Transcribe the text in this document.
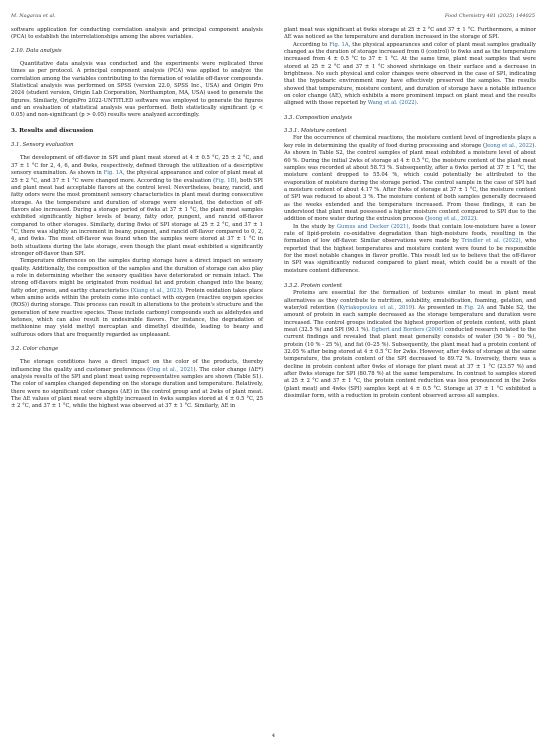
M. Nagarau et al.	Food Chemistry 481 (2025) 144025

software application for conducting correlation analysis and principal component analysis (PCA) to establish the interrelationships among the above variables.

2.10. Data analysis

Quantitative data analysis was conducted and the experiments were replicated three times as per protocol. A principal component analysis (PCA) was applied to analyze the correlation among the variables contributing to the formation of volatile off-flavor compounds. Statistical analysis was performed on SPSS (version 22.0, SPSS Inc., USA) and Origin Pro 2024 (student version, Origin Lab Corporation, Northampton, MA, USA) used to generate the figures. Similarly, OriginPro 2022-UNTITLED software was employed to generate the figures and an evaluation of statistical analysis was performed. Both statistically significant (p < 0.05) and non-significant (p > 0.05) results were analyzed accordingly.

3. Results and discussion
3.1. Sensory evaluation

The development of off-flavor in SPI and plant meat stored at 4 ± 0.5 °C, 25 ± 2 °C, and 37 ± 1 °C for 2, 4, 6, and 8wks, respectively, defined through the utilization of a descriptive sensory examination. As shown in Fig. 1A, the physical appearance and color of plant meat at 25 ± 2 °C, and 37 ± 1 °C were changed more. According to the evaluation (Fig. 1B), both SPI and plant meat had acceptable flavors at the control level. Nevertheless, beany, rancid, and fatty odors were the most prominent sensory characteristics in plant meat during consecutive storage. As the temperature and duration of storage were elevated, the detection of off-flavors also increased. During a storage period of 6wks at 37 ± 1 °C, the plant meat samples exhibited significantly higher levels of beany, fatty odor, pungent, and rancid off-flavor compared to other storages. Similarly, during 8wks of SPI storage at 25 ± 2 °C, and 37 ± 1 °C, there was slightly an increment in beany, pungent, and rancid off-flavor compared to 0, 2, 4, and 6wks. The most off-flavor was found when the samples were stored at 37 ± 1 °C in both situations during the late storage, even though the plant meat exhibited a significantly stronger off-flavor than SPI.

Temperature differences on the samples during storage have a direct impact on sensory quality. Additionally, the composition of the samples and the duration of storage can also play a role in determining whether the sensory qualities have deteriorated or remain intact. The strong off-flavors might be originated from residual fat and protein changed into the beany, fatty odor, green, and earthy characteristics (Xiang et al., 2023). Protein oxidation takes place when amino acids within the protein come into contact with oxygen (reactive oxygen species (ROS)) during storage. This process can result in alterations to the protein's structure and the generation of new reactive species. These include carbonyl compounds such as aldehydes and ketones, which can also result in undesirable flavors. For instance, the degradation of methionine may yield methyl mercaptan and dimethyl disulfide, leading to beany and sulfurous odors that are frequently regarded as unpleasant.

3.2. Color change

The storage conditions have a direct impact on the color of the products, thereby influencing the quality and customer preferences (Ong et al., 2021). The color change (ΔE*) analysis results of the SPI and plant meat using representative samples are shown (Table S1). The color of samples changed depending on the storage duration and temperature. Relatively, there were no significant color changes (ΔE) in the control group and at 2wks of plant meat. The ΔE values of plant meat were slightly increased in 4wks samples stored at 4 ± 0.5 °C, 25 ± 2 °C, and 37 ± 1 °C, while the highest was observed at 37 ± 1 °C. Similarly, ΔE in

plant meat was significant at 6wks storage at 25 ± 2 °C and 37 ± 1 °C. Furthermore, a minor ΔE was noticed as the temperature and duration increased in the storage of SPI.

According to Fig. 1A, the physical appearances and color of plant meat samples gradually changed as the duration of storage increased from 0 (control) to 6wks and as the temperature increased from 4 ± 0.5 °C to 37 ± 1 °C. At the same time, plant meat samples that were stored at 25 ± 2 °C and 37 ± 1 °C showed shrinkage on their surface and a decrease in brightness. No such physical and color changes were observed in the case of SPI, indicating that the hypobaric environment may have effectively preserved the samples. The results showed that temperature, moisture content, and duration of storage have a notable influence on color change (ΔE), which exhibits a more prominent impact on plant meat and the results aligned with those reported by Wang et al. (2022).

3.3. Composition analysis
3.3.1. Moisture content

For the occurrence of chemical reactions, the moisture content level of ingredients plays a key role in determining the quality of food during processing and storage (Jeong et al., 2022). As shown in Table S2, the control samples of plant meat exhibited a moisture level of about 60 %. During the initial 2wks of storage at 4 ± 0.5 °C, the moisture content of the plant meat samples was recorded at about 58.73 %. Subsequently, after a 6wks period at 37 ± 1 °C, the moisture content dropped to 55.04 %, which could potentially be attributed to the evaporation of moisture during the storage period. The control sample in the case of SPI had a moisture content of about 4.17 %. After 8wks of storage at 37 ± 1 °C, the moisture content of SPI was reduced to about 3 %. The moisture content of both samples generally decreased as the weeks extended and the temperature increased. From these findings, it can be understood that plant meat possessed a higher moisture content compared to SPI due to the addition of more water during the extrusion process (Jeong et al., 2022).

In the study by Gumus and Decker (2021), foods that contain low-moisture have a lower rate of lipid-protein co-oxidative degradation than high-moisture foods, resulting in the formation of low off-flavor. Similar observations were made by Trindler et al. (2022), who reported that the highest temperatures and moisture content were found to be responsible for the most notable changes in flavor profile. This result led us to believe that the off-flavor in SPI was significantly reduced compared to plant meat, which could be a result of the moisture content difference.

3.3.2. Protein content

Proteins are essential for the formation of textures similar to meat in plant meat alternatives as they contribute to nutrition, solubility, emulsification, foaming, gelation, and water/oil retention (Kyriakopoulou et al., 2019). As presented in Fig. 2A and Table S2, the amount of protein in each sample decreased as the storage temperature and duration were increased. The control groups indicated the highest proportion of protein content, with plant meat (32.5 %) and SPI (90.1 %). Egbert and Borders (2006) conducted research related to the current findings and revealed that plant meat generally consists of water (50 % - 80 %), protein (10 % - 25 %), and fat (0–25 %). Subsequently, the plant meat had a protein content of 32.05 % after being stored at 4 ± 0.5 °C for 2wks. However, after 4wks of storage at the same temperature, the protein content of the SPI decreased to 89.72 %. Inversely, there was a decline in protein content after 6wks of storage for plant meat at 37 ± 1 °C (23.57 %) and after 8wks storage for SPI (80.78 %) at the same temperature. In contrast to samples stored at 25 ± 2 °C and 37 ± 1 °C, the protein content reduction was less pronounced in the 2wks (plant meat) and 4wks (SPI) samples kept at 4 ± 0.5 °C. Storage at 37 ± 1 °C exhibited a dissimilar form, with a reduction in protein content observed across all samples.

4
